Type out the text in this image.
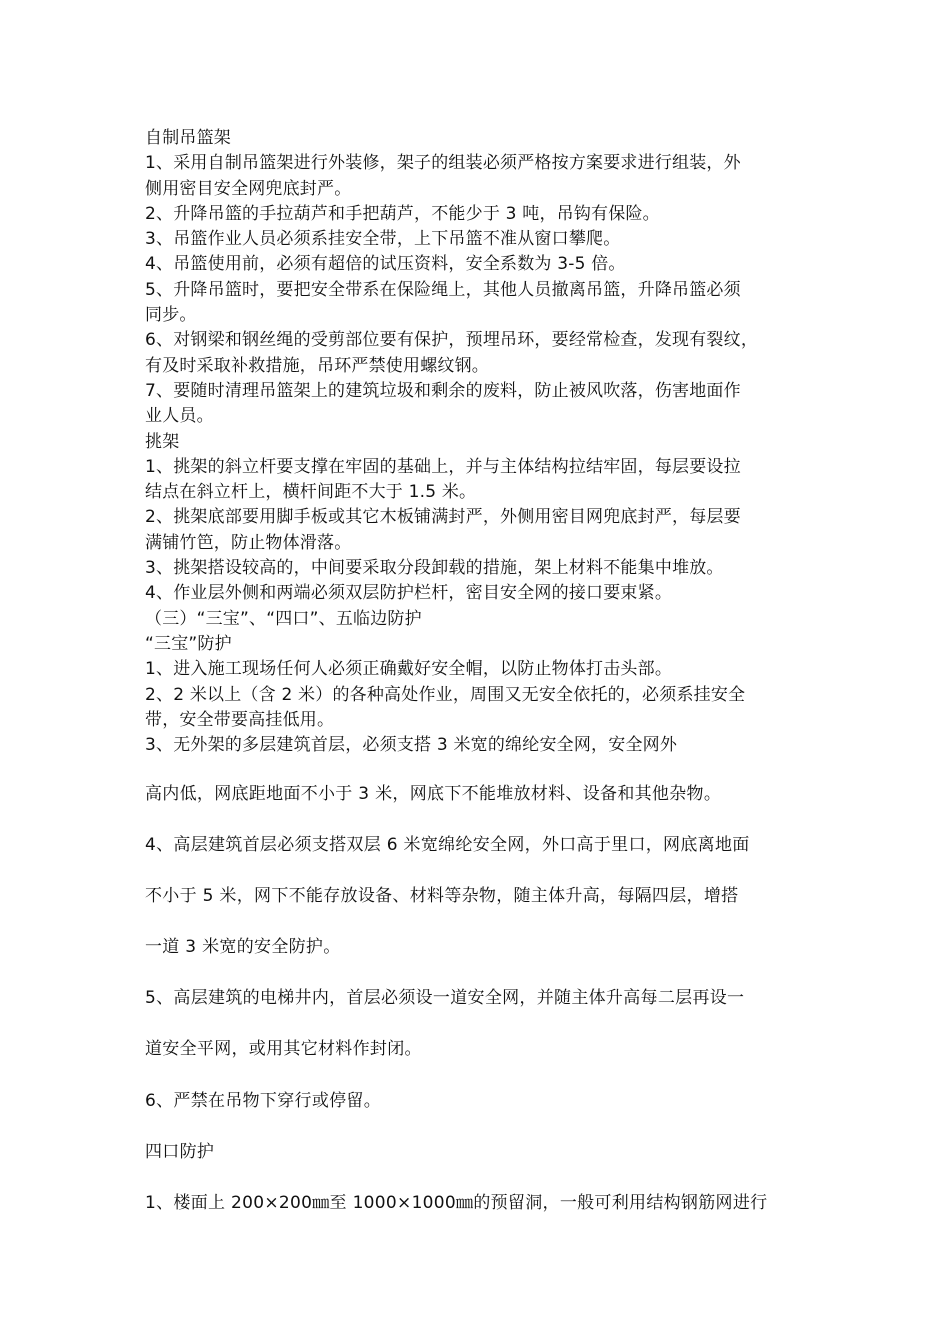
自制吊篮架
1、采用自制吊篮架进行外装修，架子的组装必须严格按方案要求进行组装，外
侧用密目安全网兜底封严。
2、升降吊篮的手拉葫芦和手把葫芦，不能少于 3 吨，吊钩有保险。
3、吊篮作业人员必须系挂安全带，上下吊篮不准从窗口攀爬。
4、吊篮使用前，必须有超倍的试压资料，安全系数为 3-5 倍。
5、升降吊篮时，要把安全带系在保险绳上，其他人员撤离吊篮，升降吊篮必须
同步。
6、对钢梁和钢丝绳的受剪部位要有保护，预埋吊环，要经常检查，发现有裂纹，
有及时采取补救措施，吊环严禁使用螺纹钢。
7、要随时清理吊篮架上的建筑垃圾和剩余的废料，防止被风吹落，伤害地面作
业人员。
挑架
1、挑架的斜立杆要支撑在牢固的基础上，并与主体结构拉结牢固，每层要设拉
结点在斜立杆上，横杆间距不大于 1.5 米。
2、挑架底部要用脚手板或其它木板铺满封严，外侧用密目网兜底封严，每层要
满铺竹笆，防止物体滑落。
3、挑架搭设较高的，中间要采取分段卸载的措施，架上材料不能集中堆放。
4、作业层外侧和两端必须双层防护栏杆，密目安全网的接口要束紧。
（三）“三宝”、“四口”、五临边防护
“三宝”防护
1、进入施工现场任何人必须正确戴好安全帽，以防止物体打击头部。
2、2 米以上（含 2 米）的各种高处作业，周围又无安全依托的，必须系挂安全
带，安全带要高挂低用。
3、无外架的多层建筑首层，必须支搭 3 米宽的绵纶安全网，安全网外
高内低，网底距地面不小于 3 米，网底下不能堆放材料、设备和其他杂物。
4、高层建筑首层必须支搭双层 6 米宽绵纶安全网，外口高于里口，网底离地面
不小于 5 米，网下不能存放设备、材料等杂物，随主体升高，每隔四层，增搭
一道 3 米宽的安全防护。
5、高层建筑的电梯井内，首层必须设一道安全网，并随主体升高每二层再设一
道安全平网，或用其它材料作封闭。
6、严禁在吊物下穿行或停留。
四口防护
1、楼面上 200×200㎜至 1000×1000㎜的预留洞，一般可利用结构钢筋网进行
